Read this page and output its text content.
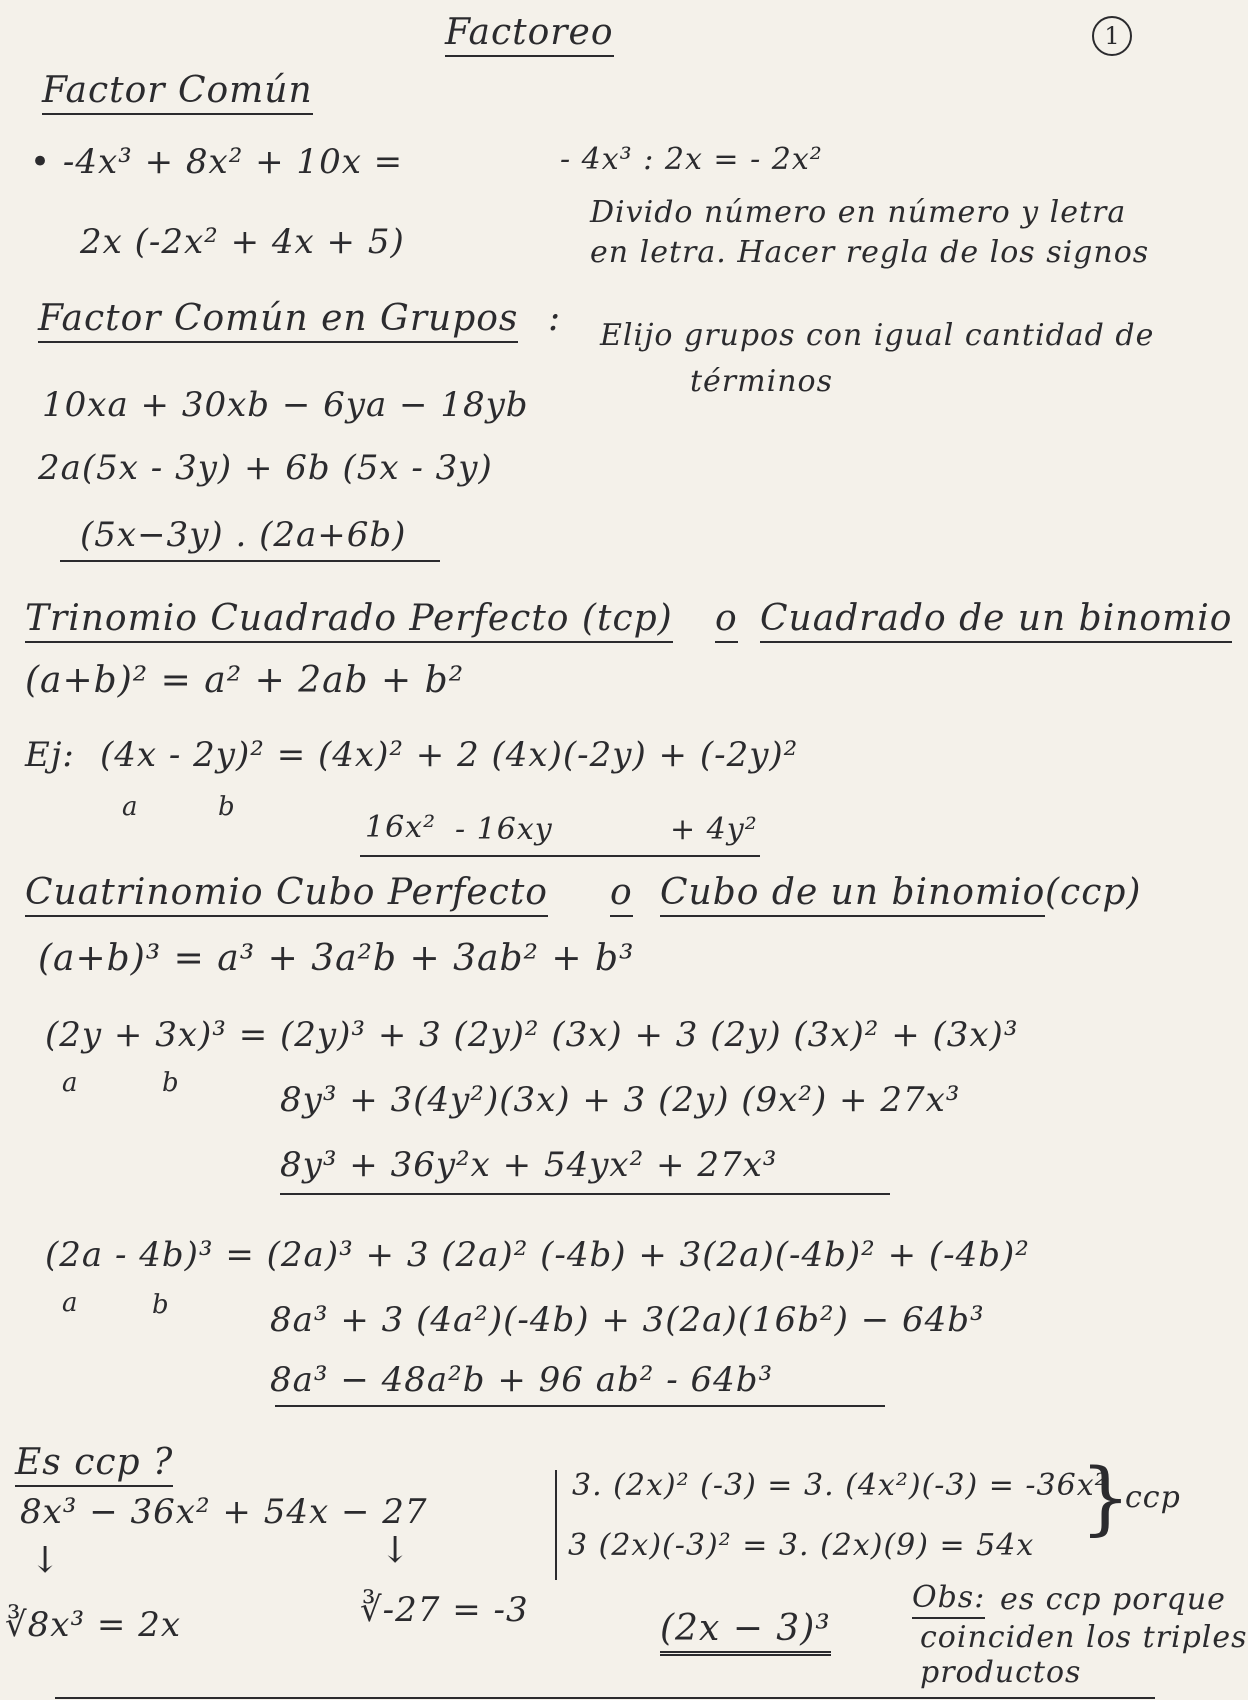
Factoreo	1
Factor Común
• -4x³ + 8x² + 10x =
2x (-2x² + 4x + 5)
- 4x³ : 2x = - 2x²
Divido número en número y letra
en letra. Hacer regla de los signos
Factor Común en Grupos : Elijo grupos con igual cantidad de
términos
10xa + 30xb − 6ya − 18yb
2a(5x - 3y) + 6b (5x - 3y)
(5x−3y) . (2a+6b)
Trinomio Cuadrado Perfecto (tcp) o Cuadrado de un binomio
(a+b)² = a² + 2ab + b²
Ej: (4x - 2y)² = (4x)² + 2 (4x)(-2y) + (-2y)²
a	b
16x² - 16xy	+ 4y²
Cuatrinomio Cubo Perfecto o Cubo de un binomio (ccp)
(a+b)³ = a³ + 3a²b + 3ab² + b³
(2y + 3x)³ = (2y)³ + 3 (2y)² (3x) + 3 (2y) (3x)² + (3x)³
a	b	8y³ + 3(4y²)(3x) + 3 (2y) (9x²) + 27x³
8y³ + 36y²x + 54yx² + 27x³
(2a - 4b)³ = (2a)³ + 3 (2a)² (-4b) + 3(2a)(-4b)² + (-4b)²
a	b	8a³ + 3 (4a²)(-4b) + 3(2a)(16b²) − 64b³
8a³ − 48a²b + 96 ab² - 64b³
Es ccp ?
8x³ − 36x² + 54x − 27
↓	↓
∛8x³ = 2x	∛-27 = -3
3. (2x)² (-3) = 3. (4x²)(-3) = -36x²
3 (2x)(-3)² = 3. (2x)(9) = 54x
}
ccp
(2x − 3)³
Obs: es ccp porque
coinciden los triples
productos
